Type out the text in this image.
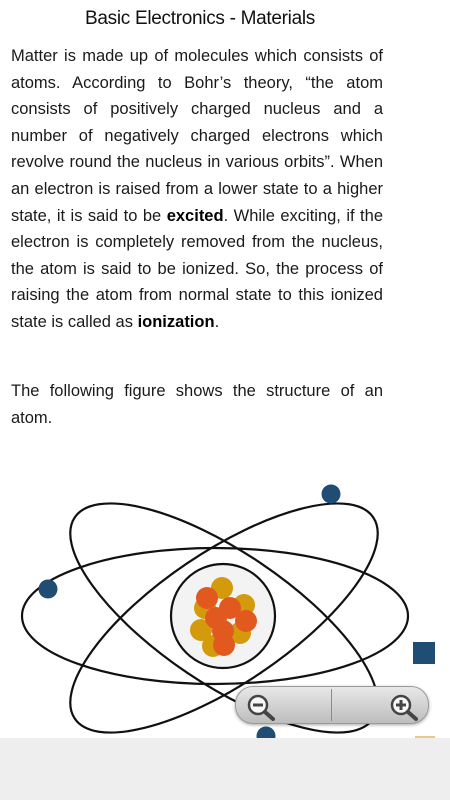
Basic Electronics - Materials

Matter is made up of molecules which consists of atoms. According to Bohr’s theory, “the atom consists of positively charged nucleus and a number of negatively charged electrons which revolve round the nucleus in various orbits”. When an electron is raised from a lower state to a higher state, it is said to be excited. While exciting, if the electron is completely removed from the nucleus, the atom is said to be ionized. So, the process of raising the atom from normal state to this ionized state is called as ionization.

The following figure shows the structure of an atom.
